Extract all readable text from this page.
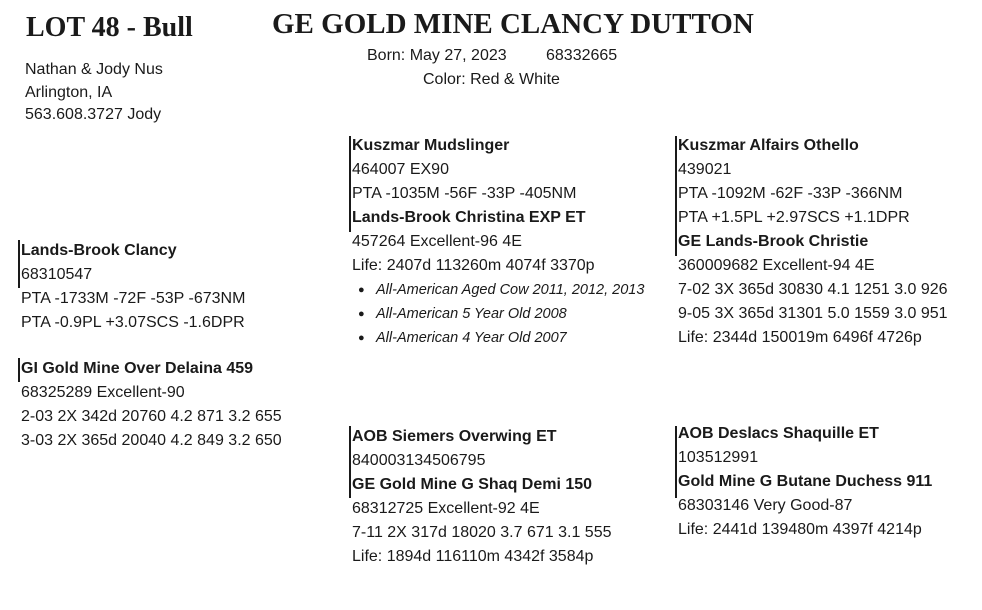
LOT 48 - Bull	GE GOLD MINE CLANCY DUTTON
Born: May 27, 2023 68332665
Color: Red & White
Nathan & Jody Nus
Arlington, IA
563.608.3727 Jody
Lands-Brook Clancy
68310547
PTA -1733M -72F -53P -673NM
PTA -0.9PL +3.07SCS -1.6DPR
GI Gold Mine Over Delaina 459
68325289 Excellent-90
2-03 2X 342d 20760 4.2 871 3.2 655
3-03 2X 365d 20040 4.2 849 3.2 650
Kuszmar Mudslinger
464007 EX90
PTA -1035M -56F -33P -405NM
Lands-Brook Christina EXP ET
457264 Excellent-96 4E
Life: 2407d 113260m 4074f 3370p
● All-American Aged Cow 2011, 2012, 2013
● All-American 5 Year Old 2008
● All-American 4 Year Old 2007
Kuszmar Alfairs Othello
439021
PTA -1092M -62F -33P -366NM
PTA +1.5PL +2.97SCS +1.1DPR
GE Lands-Brook Christie
360009682 Excellent-94 4E
7-02 3X 365d 30830 4.1 1251 3.0 926
9-05 3X 365d 31301 5.0 1559 3.0 951
Life: 2344d 150019m 6496f 4726p
AOB Siemers Overwing ET
840003134506795
GE Gold Mine G Shaq Demi 150
68312725 Excellent-92 4E
7-11 2X 317d 18020 3.7 671 3.1 555
Life: 1894d 116110m 4342f 3584p
AOB Deslacs Shaquille ET
103512991
Gold Mine G Butane Duchess 911
68303146 Very Good-87
Life: 2441d 139480m 4397f 4214p
